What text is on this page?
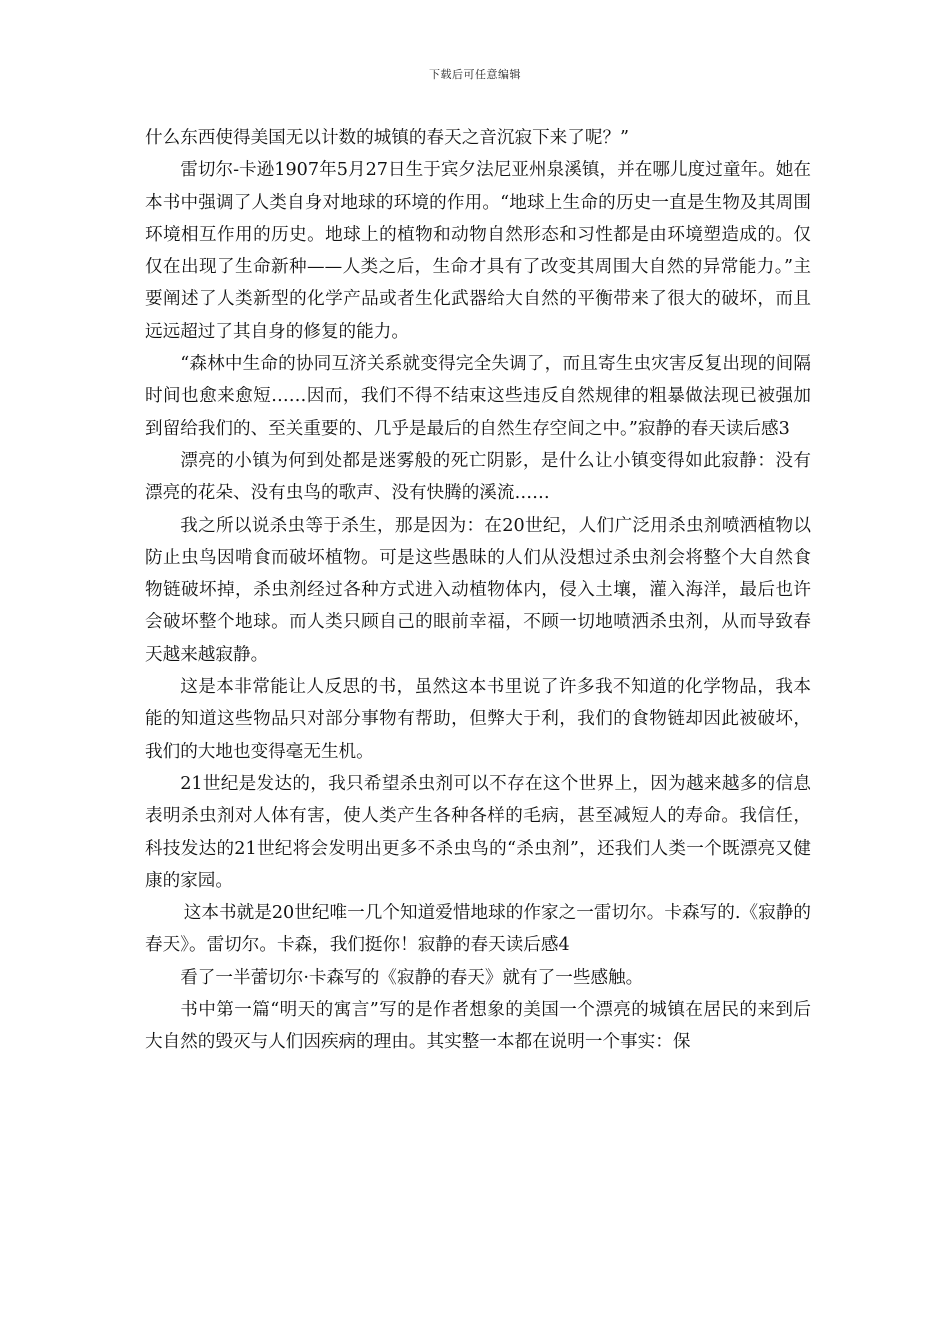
下载后可任意编辑

什么东西使得美国无以计数的城镇的春天之音沉寂下来了呢？”

雷切尔-卡逊1907年5月27日生于宾夕法尼亚州泉溪镇，并在哪儿度过童年。她在本书中强调了人类自身对地球的环境的作用。“地球上生命的历史一直是生物及其周围环境相互作用的历史。地球上的植物和动物自然形态和习性都是由环境塑造成的。仅仅在出现了生命新种——人类之后，生命才具有了改变其周围大自然的异常能力。”主要阐述了人类新型的化学产品或者生化武器给大自然的平衡带来了很大的破坏，而且远远超过了其自身的修复的能力。

“森林中生命的协同互济关系就变得完全失调了，而且寄生虫灾害反复出现的间隔时间也愈来愈短……因而，我们不得不结束这些违反自然规律的粗暴做法现已被强加到留给我们的、至关重要的、几乎是最后的自然生存空间之中。”寂静的春天读后感3

漂亮的小镇为何到处都是迷雾般的死亡阴影，是什么让小镇变得如此寂静：没有漂亮的花朵、没有虫鸟的歌声、没有快腾的溪流……

我之所以说杀虫等于杀生，那是因为：在20世纪，人们广泛用杀虫剂喷洒植物以防止虫鸟因啃食而破坏植物。可是这些愚昧的人们从没想过杀虫剂会将整个大自然食物链破坏掉，杀虫剂经过各种方式进入动植物体内，侵入土壤，灌入海洋，最后也许会破坏整个地球。而人类只顾自己的眼前幸福，不顾一切地喷洒杀虫剂，从而导致春天越来越寂静。

这是本非常能让人反思的书，虽然这本书里说了许多我不知道的化学物品，我本能的知道这些物品只对部分事物有帮助，但弊大于利，我们的食物链却因此被破坏，我们的大地也变得毫无生机。

21世纪是发达的，我只希望杀虫剂可以不存在这个世界上，因为越来越多的信息表明杀虫剂对人体有害，使人类产生各种各样的毛病，甚至减短人的寿命。我信任，科技发达的21世纪将会发明出更多不杀虫鸟的“杀虫剂”，还我们人类一个既漂亮又健康的家园。

这本书就是20世纪唯一几个知道爱惜地球的作家之一雷切尔。卡森写的.《寂静的春天》。雷切尔。卡森，我们挺你！寂静的春天读后感4

看了一半蕾切尔·卡森写的《寂静的春天》就有了一些感触。

书中第一篇“明天的寓言”写的是作者想象的美国一个漂亮的城镇在居民的来到后大自然的毁灭与人们因疾病的理由。其实整一本都在说明一个事实：保
